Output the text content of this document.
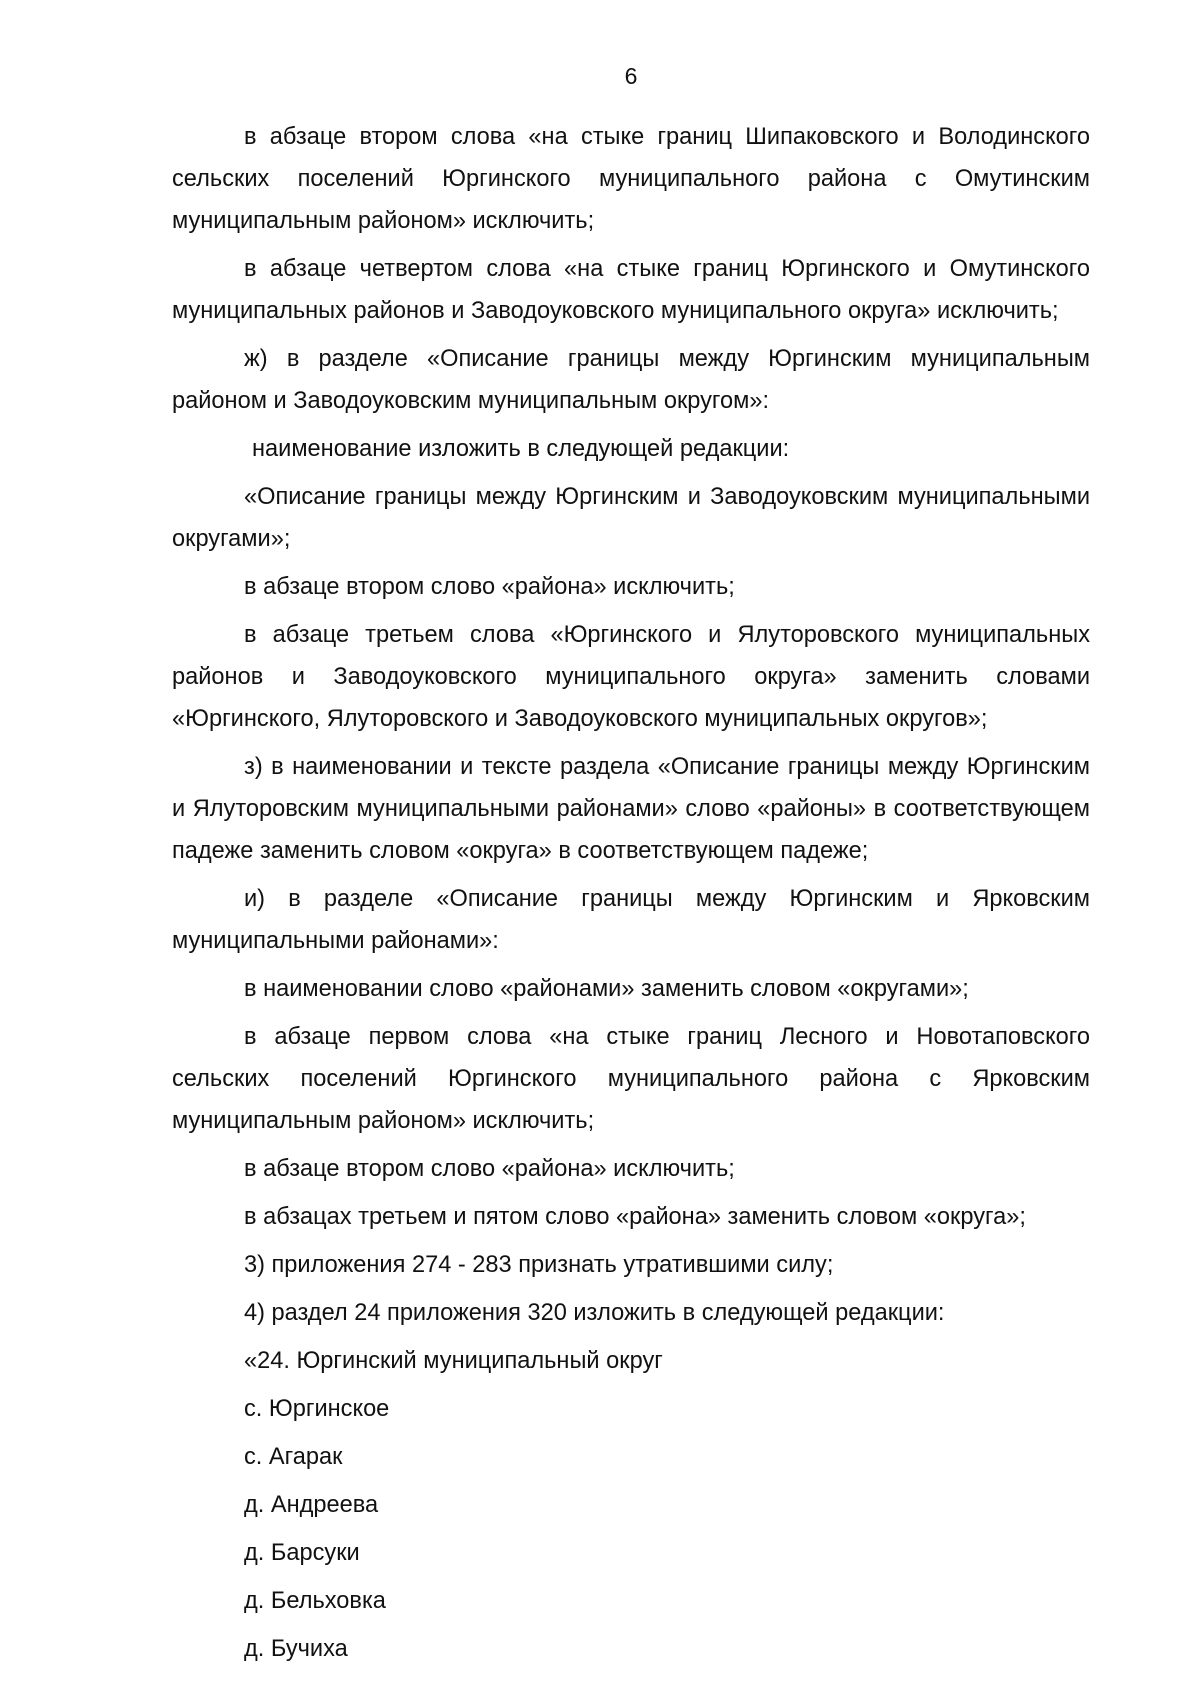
6

в абзаце втором слова «на стыке границ Шипаковского и Володинского сельских поселений Юргинского муниципального района с Омутинским муниципальным районом» исключить;

в абзаце четвертом слова «на стыке границ Юргинского и Омутинского муниципальных районов и Заводоуковского муниципального округа» исключить;

ж) в разделе «Описание границы между Юргинским муниципальным районом и Заводоуковским муниципальным округом»:

наименование изложить в следующей редакции:

«Описание границы между Юргинским и Заводоуковским муниципальными округами»;

в абзаце втором слово «района» исключить;

в абзаце третьем слова «Юргинского и Ялуторовского муниципальных районов и Заводоуковского муниципального округа» заменить словами «Юргинского, Ялуторовского и Заводоуковского муниципальных округов»;

з) в наименовании и тексте раздела «Описание границы между Юргинским и Ялуторовским муниципальными районами» слово «районы» в соответствующем падеже заменить словом «округа» в соответствующем падеже;

и) в разделе «Описание границы между Юргинским и Ярковским муниципальными районами»:

в наименовании слово «районами» заменить словом «округами»;

в абзаце первом слова «на стыке границ Лесного и Новотаповского сельских поселений Юргинского муниципального района с Ярковским муниципальным районом» исключить;

в абзаце втором слово «района» исключить;

в абзацах третьем и пятом слово «района» заменить словом «округа»;

3) приложения 274 - 283 признать утратившими силу;

4) раздел 24 приложения 320 изложить в следующей редакции:

«24. Юргинский муниципальный округ

с. Юргинское

с. Агарак

д. Андреева

д. Барсуки

д. Бельховка

д. Бучиха
